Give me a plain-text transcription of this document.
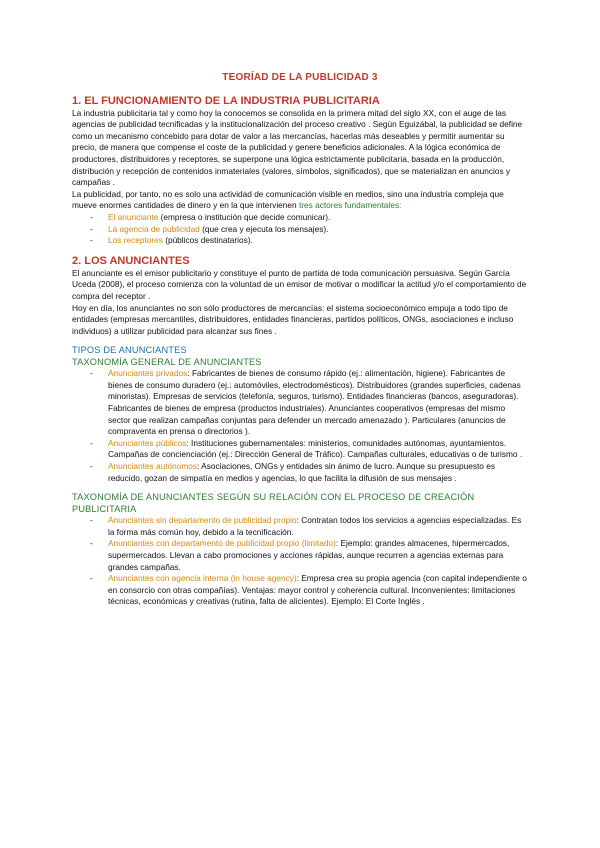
TEORÍAD DE LA PUBLICIDAD 3
1. EL FUNCIONAMIENTO DE LA INDUSTRIA PUBLICITARIA

La industria publicitaria tal y como hoy la conocemos se consolida en la primera mitad del siglo XX, con el auge de las agencias de publicidad tecnificadas y la institucionalización del proceso creativo . Según Eguizábal, la publicidad se define como un mecanismo concebido para dotar de valor a las mercancías, hacerlas más deseables y permitir aumentar su precio, de manera que compense el coste de la publicidad y genere beneficios adicionales. A la lógica económica de productores, distribuidores y receptores, se superpone una lógica estrictamente publicitaria, basada en la producción, distribución y recepción de contenidos inmateriales (valores, símbolos, significados), que se materializan en anuncios y campañas .

La publicidad, por tanto, no es solo una actividad de comunicación visible en medios, sino una industria compleja que mueve enormes cantidades de dinero y en la que intervienen tres actores fundamentales:

- El anunciante (empresa o institución que decide comunicar).
- La agencia de publicidad (que crea y ejecuta los mensajes).
- Los receptores (públicos destinatarios).
2. LOS ANUNCIANTES

El anunciante es el emisor publicitario y constituye el punto de partida de toda comunicación persuasiva. Según García Uceda (2008), el proceso comienza con la voluntad de un emisor de motivar o modificar la actitud y/o el comportamiento de compra del receptor .

Hoy en día, los anunciantes no son sólo productores de mercancías: el sistema socioeconómico empuja a todo tipo de entidades (empresas mercantiles, distribuidores, entidades financieras, partidos políticos, ONGs, asociaciones e incluso individuos) a utilizar publicidad para alcanzar sus fines .

TIPOS DE ANUNCIANTES
TAXONOMÍA GENERAL DE ANUNCIANTES
- Anunciantes privados: Fabricantes de bienes de consumo rápido (ej.: alimentación, higiene). Fabricantes de bienes de consumo duradero (ej.: automóviles, electrodomésticos). Distribuidores (grandes superficies, cadenas minoristas). Empresas de servicios (telefonía, seguros, turismo). Entidades financieras (bancos, aseguradoras). Fabricantes de bienes de empresa (productos industriales). Anunciantes cooperativos (empresas del mismo sector que realizan campañas conjuntas para defender un mercado amenazado ). Particulares (anuncios de compraventa en prensa o directorios ).
- Anunciantes públicos: Instituciones gubernamentales: ministerios, comunidades autónomas, ayuntamientos. Campañas de concienciación (ej.: Dirección General de Tráfico). Campañas culturales, educativas o de turismo .
- Anunciantes autónomos: Asociaciones, ONGs y entidades sin ánimo de lucro. Aunque su presupuesto es reducido, gozan de simpatía en medios y agencias, lo que facilita la difusión de sus mensajes .
TAXONOMÍA DE ANUNCIANTES SEGÚN SU RELACIÓN CON EL PROCESO DE CREACIÓN PUBLICITARIA
- Anunciantes sin departamento de publicidad propio: Contratan todos los servicios a agencias especializadas. Es la forma más común hoy, debido a la tecnificación.
- Anunciantes con departamento de publicidad propio (limitado): Ejemplo: grandes almacenes, hipermercados, supermercados. Llevan a cabo promociones y acciones rápidas, aunque recurren a agencias externas para grandes campañas.
- Anunciantes con agencia interna (in house agency): Empresa crea su propia agencia (con capital independiente o en consorcio con otras compañías). Ventajas: mayor control y coherencia cultural. Inconvenientes: limitaciones técnicas, económicas y creativas (rutina, falta de alicientes). Ejemplo: El Corte Inglés .
